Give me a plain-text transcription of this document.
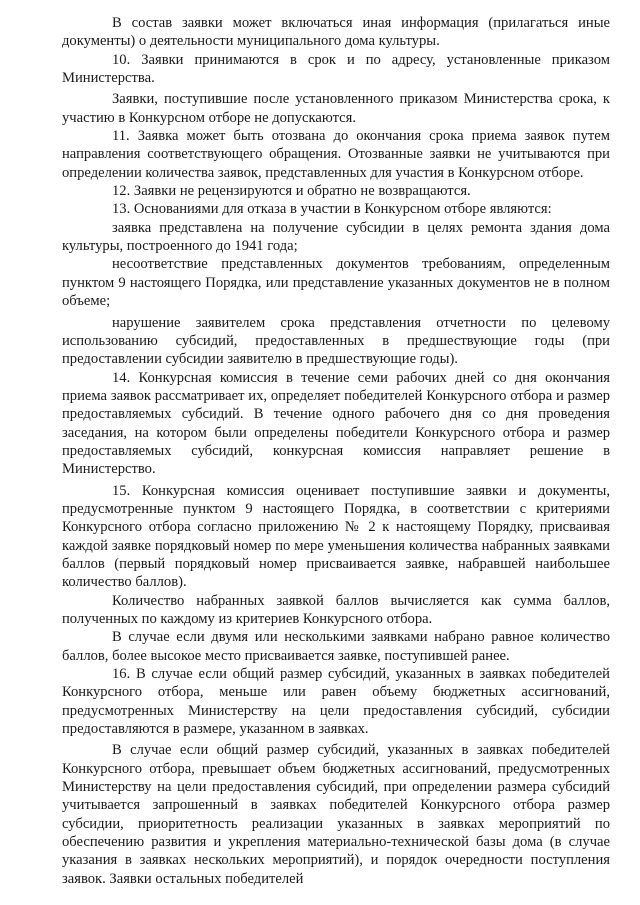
В состав заявки может включаться иная информация (прилагаться иные документы) о деятельности муниципального дома культуры.

10. Заявки принимаются в срок и по адресу, установленные приказом Министерства.

Заявки, поступившие после установленного приказом Министерства срока, к участию в Конкурсном отборе не допускаются.

11. Заявка может быть отозвана до окончания срока приема заявок путем направления соответствующего обращения. Отозванные заявки не учитываются при определении количества заявок, представленных для участия в Конкурсном отборе.

12. Заявки не рецензируются и обратно не возвращаются.

13. Основаниями для отказа в участии в Конкурсном отборе являются:

заявка представлена на получение субсидии в целях ремонта здания дома культуры, построенного до 1941 года;

несоответствие представленных документов требованиям, определенным пунктом 9 настоящего Порядка, или представление указанных документов не в полном объеме;

нарушение заявителем срока представления отчетности по целевому использованию субсидий, предоставленных в предшествующие годы (при предоставлении субсидии заявителю в предшествующие годы).

14. Конкурсная комиссия в течение семи рабочих дней со дня окончания приема заявок рассматривает их, определяет победителей Конкурсного отбора и размер предоставляемых субсидий. В течение одного рабочего дня со дня проведения заседания, на котором были определены победители Конкурсного отбора и размер предоставляемых субсидий, конкурсная комиссия направляет решение в Министерство.

15. Конкурсная комиссия оценивает поступившие заявки и документы, предусмотренные пунктом 9 настоящего Порядка, в соответствии с критериями Конкурсного отбора согласно приложению № 2 к настоящему Порядку, присваивая каждой заявке порядковый номер по мере уменьшения количества набранных заявками баллов (первый порядковый номер присваивается заявке, набравшей наибольшее количество баллов).

Количество набранных заявкой баллов вычисляется как сумма баллов, полученных по каждому из критериев Конкурсного отбора.

В случае если двумя или несколькими заявками набрано равное количество баллов, более высокое место присваивается заявке, поступившей ранее.

16. В случае если общий размер субсидий, указанных в заявках победителей Конкурсного отбора, меньше или равен объему бюджетных ассигнований, предусмотренных Министерству на цели предоставления субсидий, субсидии предоставляются в размере, указанном в заявках.

В случае если общий размер субсидий, указанных в заявках победителей Конкурсного отбора, превышает объем бюджетных ассигнований, предусмотренных Министерству на цели предоставления субсидий, при определении размера субсидий учитывается запрошенный в заявках победителей Конкурсного отбора размер субсидии, приоритетность реализации указанных в заявках мероприятий по обеспечению развития и укрепления материально-технической базы дома (в случае указания в заявках нескольких мероприятий), и порядок очередности поступления заявок. Заявки остальных победителей
